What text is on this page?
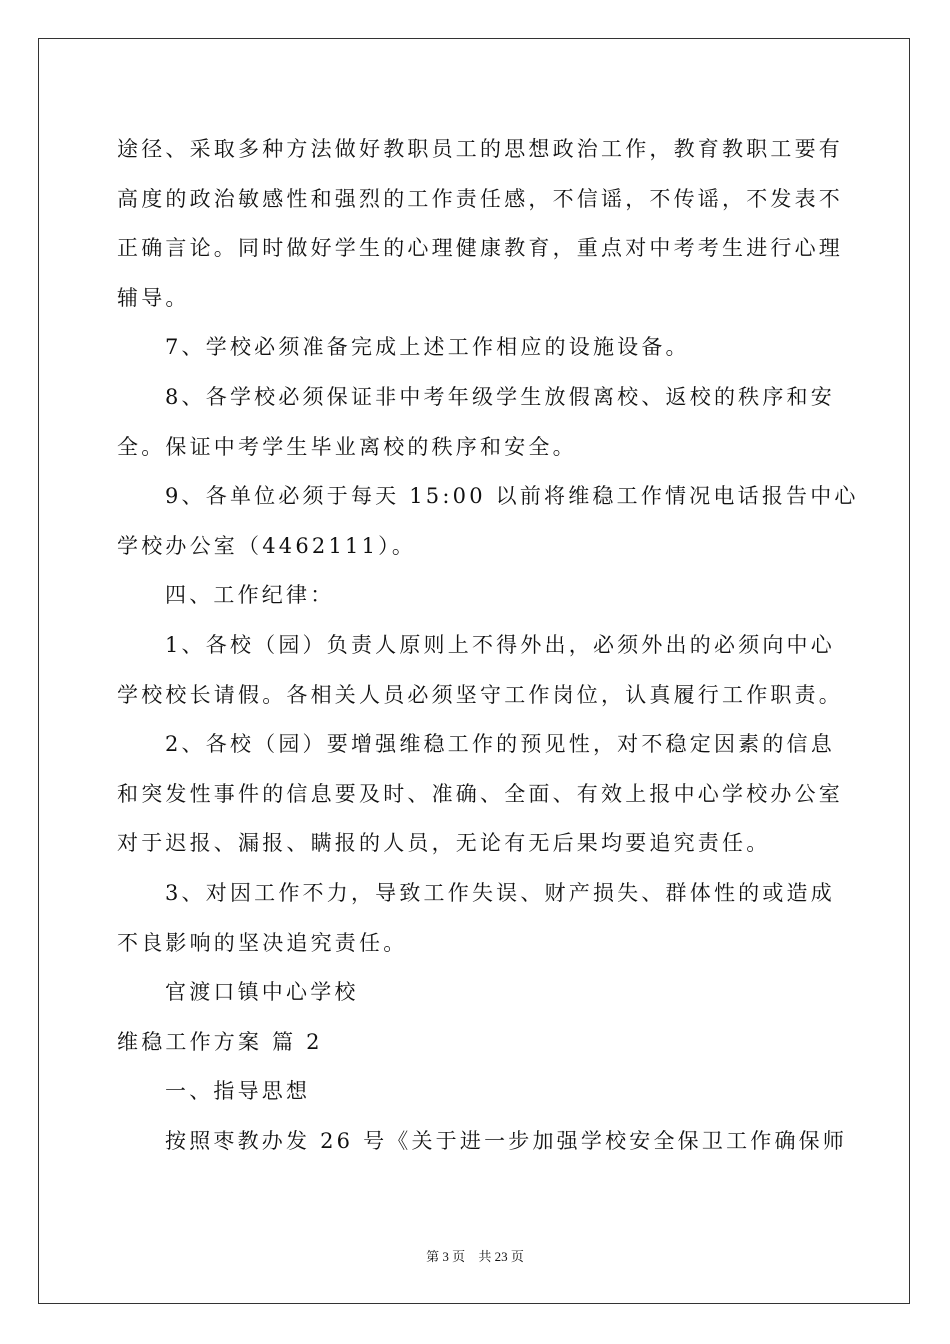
途径、采取多种方法做好教职员工的思想政治工作，教育教职工要有
高度的政治敏感性和强烈的工作责任感，不信谣，不传谣，不发表不
正确言论。同时做好学生的心理健康教育，重点对中考考生进行心理
辅导。
7、学校必须准备完成上述工作相应的设施设备。
8、各学校必须保证非中考年级学生放假离校、返校的秩序和安
全。保证中考学生毕业离校的秩序和安全。
9、各单位必须于每天 15:00 以前将维稳工作情况电话报告中心
学校办公室（4462111）。
四、工作纪律：
1、各校（园）负责人原则上不得外出，必须外出的必须向中心
学校校长请假。各相关人员必须坚守工作岗位，认真履行工作职责。
2、各校（园）要增强维稳工作的预见性，对不稳定因素的信息
和突发性事件的信息要及时、准确、全面、有效上报中心学校办公室
对于迟报、漏报、瞒报的人员，无论有无后果均要追究责任。
3、对因工作不力，导致工作失误、财产损失、群体性的或造成
不良影响的坚决追究责任。
官渡口镇中心学校
维稳工作方案 篇 2
一、指导思想
按照枣教办发 26 号《关于进一步加强学校安全保卫工作确保师
第 3 页 共 23 页
